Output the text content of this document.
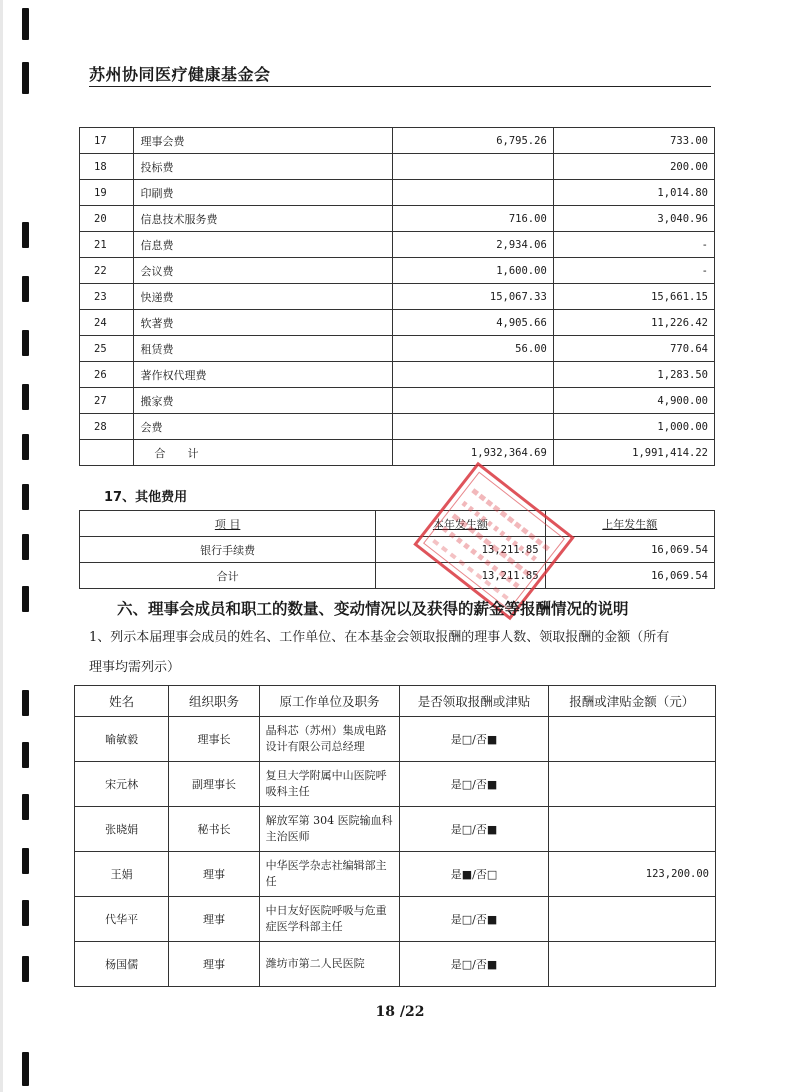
苏州协同医疗健康基金会
17	理事会费	6,795.26	733.00
18	投标费		200.00
19	印刷费		1,014.80
20	信息技术服务费	716.00	3,040.96
21	信息费	2,934.06	-
22	会议费	1,600.00	-
23	快递费	15,067.33	15,661.15
24	软著费	4,905.66	11,226.42
25	租赁费	56.00	770.64
26	著作权代理费		1,283.50
27	搬家费		4,900.00
28	会费		1,000.00
	合　　计	1,932,364.69	1,991,414.22
17、其他费用
项 目	本年发生额	上年发生额
银行手续费	13,211.85	16,069.54
合计	13,211.85	16,069.54
六、理事会成员和职工的数量、变动情况以及获得的薪金等报酬情况的说明
1、列示本届理事会成员的姓名、工作单位、在本基金会领取报酬的理事人数、领取报酬的金额（所有
理事均需列示）
姓名	组织职务	原工作单位及职务	是否领取报酬或津贴	报酬或津贴金额（元）
喻敏毅	理事长	晶科芯（苏州）集成电路设计有限公司总经理	是□/否■	
宋元林	副理事长	复旦大学附属中山医院呼吸科主任	是□/否■	
张晓娟	秘书长	解放军第 304 医院输血科主治医师	是□/否■	
王娟	理事	中华医学杂志社编辑部主任	是■/否□	123,200.00
代华平	理事	中日友好医院呼吸与危重症医学科部主任	是□/否■	
杨国儒	理事	潍坊市第二人民医院	是□/否■	
18 /22
